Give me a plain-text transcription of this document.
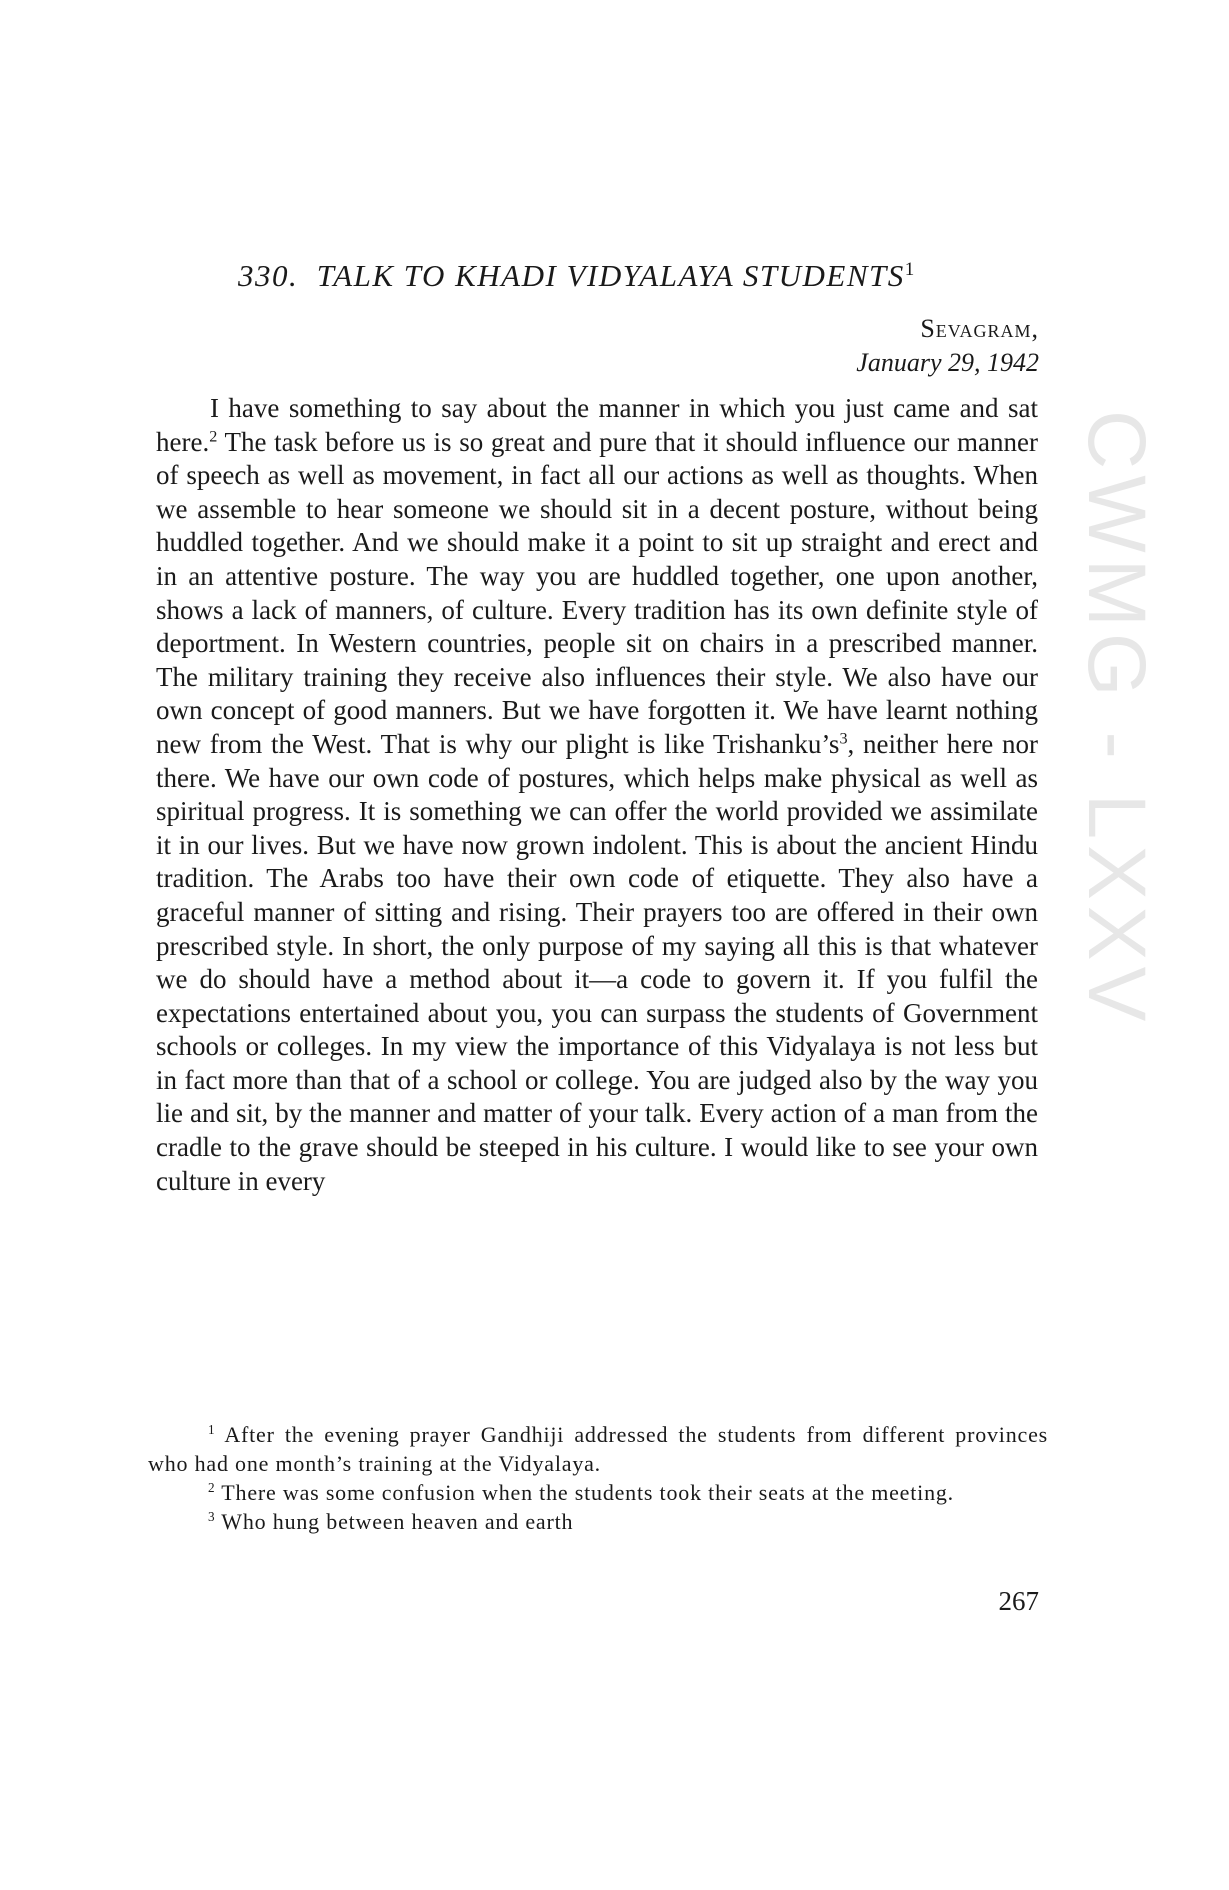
CWMG - LXXV
330. TALK TO KHADI VIDYALAYA STUDENTS$^1$
Sevagram,
January 29, 1942

I have something to say about the manner in which you just came and sat here.$^2$ The task before us is so great and pure that it should influence our manner of speech as well as movement, in fact all our actions as well as thoughts. When we assemble to hear someone we should sit in a decent posture, without being huddled together. And we should make it a point to sit up straight and erect and in an attentive posture. The way you are huddled together, one upon another, shows a lack of manners, of culture. Every tradition has its own definite style of deportment. In Western countries, people sit on chairs in a prescribed manner. The military training they receive also influences their style. We also have our own concept of good manners. But we have forgotten it. We have learnt nothing new from the West. That is why our plight is like $Trishanku’s^3$, neither here nor there. We have our own code of postures, which helps make physical as well as spiritual progress. It is something we can offer the world provided we assimilate it in our lives. But we have now grown indolent. This is about the ancient Hindu tradition. The Arabs too have their own code of etiquette. They also have a graceful manner of sitting and rising. Their prayers too are offered in their own prescribed style. In short, the only purpose of my saying all this is that whatever we do should have a method about it—a code to govern it. If you fulfil the expectations entertained about you, you can surpass the students of Government schools or colleges. In my view the importance of this Vidyalaya is not less but in fact more than that of a school or college. You are judged also by the way you lie and sit, by the manner and matter of your talk. Every action of a man from the cradle to the grave should be steeped in his culture. I would like to see your own culture in every

$^1$ After the evening prayer Gandhiji addressed the students from different provinces who had one month’s training at the Vidyalaya.

$^2$ There was some confusion when the students took their seats at the meeting.

$^3$ Who hung between heaven and earth

267
